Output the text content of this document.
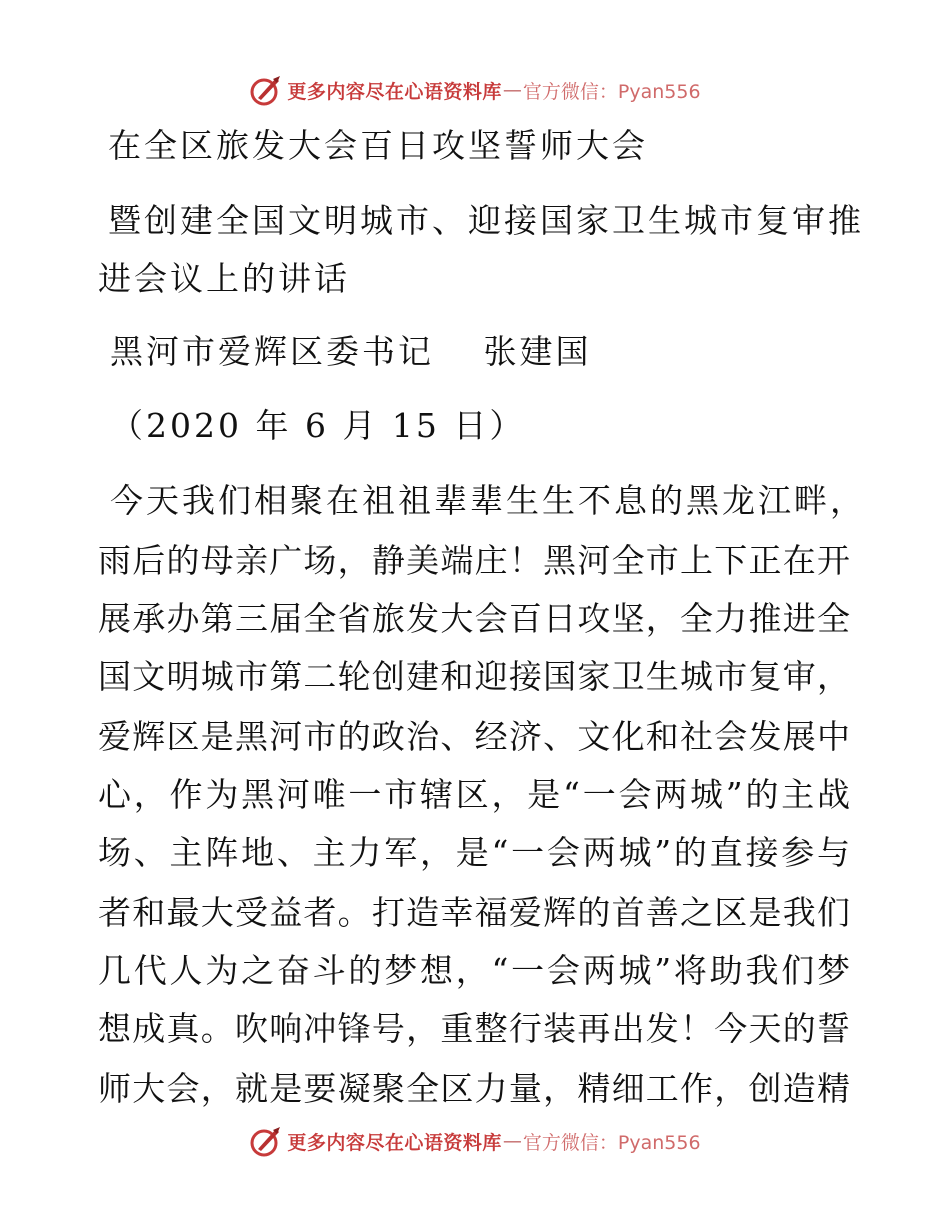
更多内容尽在心语资料库 — 官方微信：Pyan556
在全区旅发大会百日攻坚誓师大会
暨创建全国文明城市、迎接国家卫生城市复审推
进会议上的讲话
黑河市爱辉区委书记　 张建国
（2020 年 6 月 15 日）
今天我们相聚在祖祖辈辈生生不息的黑龙江畔，
雨后的母亲广场，静美端庄！黑河全市上下正在开
展承办第三届全省旅发大会百日攻坚，全力推进全
国文明城市第二轮创建和迎接国家卫生城市复审，
爱辉区是黑河市的政治、经济、文化和社会发展中
心，作为黑河唯一市辖区，是“一会两城”的主战
场、主阵地、主力军，是“一会两城”的直接参与
者和最大受益者。打造幸福爱辉的首善之区是我们
几代人为之奋斗的梦想，“一会两城”将助我们梦
想成真。吹响冲锋号，重整行装再出发！今天的誓
师大会，就是要凝聚全区力量，精细工作，创造精
更多内容尽在心语资料库 — 官方微信：Pyan556
